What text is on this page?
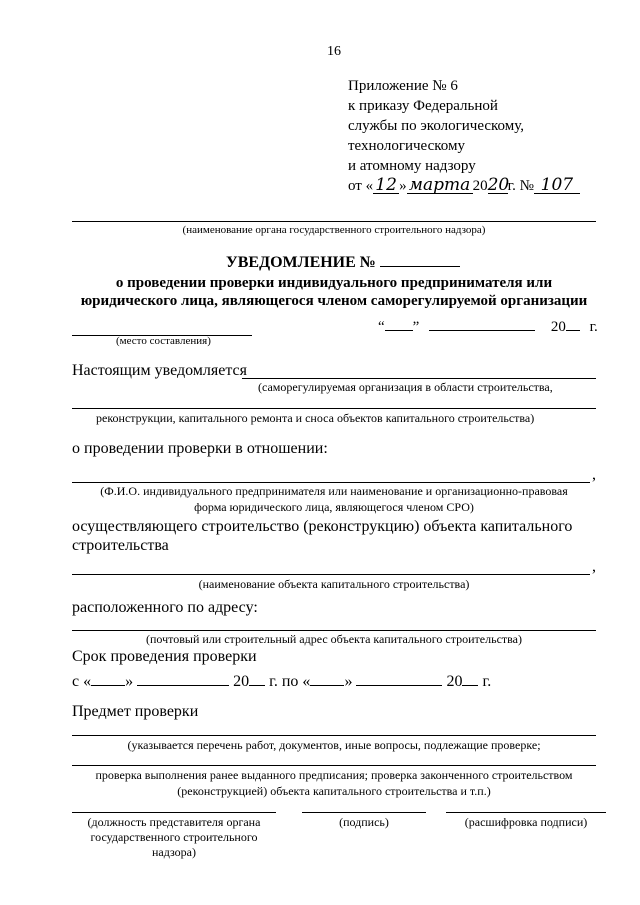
16
Приложение № 6
к приказу Федеральной
службы по экологическому,
технологическому
и атомному надзору
от « 12 » марта 2020г. № 107
(наименование органа государственного строительного надзора)
УВЕДОМЛЕНИЕ №
о проведении проверки индивидуального предпринимателя или
юридического лица, являющегося членом саморегулируемой организации
(место составления)
“ ”	20 г.
Настоящим уведомляется
(саморегулируемая организация в области строительства,
реконструкции, капитального ремонта и сноса объектов капитального строительства)
о проведении проверки в отношении:
,
(Ф.И.О. индивидуального предпринимателя или наименование и организационно-правовая
форма юридического лица, являющегося членом СРО)
осуществляющего строительство (реконструкцию) объекта капитального
строительства
,
(наименование объекта капитального строительства)
расположенного по адресу:
(почтовый или строительный адрес объекта капитального строительства)
Срок проведения проверки
с « »	20 г. по « »	20 г.
Предмет проверки
(указывается перечень работ, документов, иные вопросы, подлежащие проверке;
проверка выполнения ранее выданного предписания; проверка законченного строительством
(реконструкцией) объекта капитального строительства и т.п.)
(должность представителя органа
государственного строительного
надзора)
(подпись)	(расшифровка подписи)
